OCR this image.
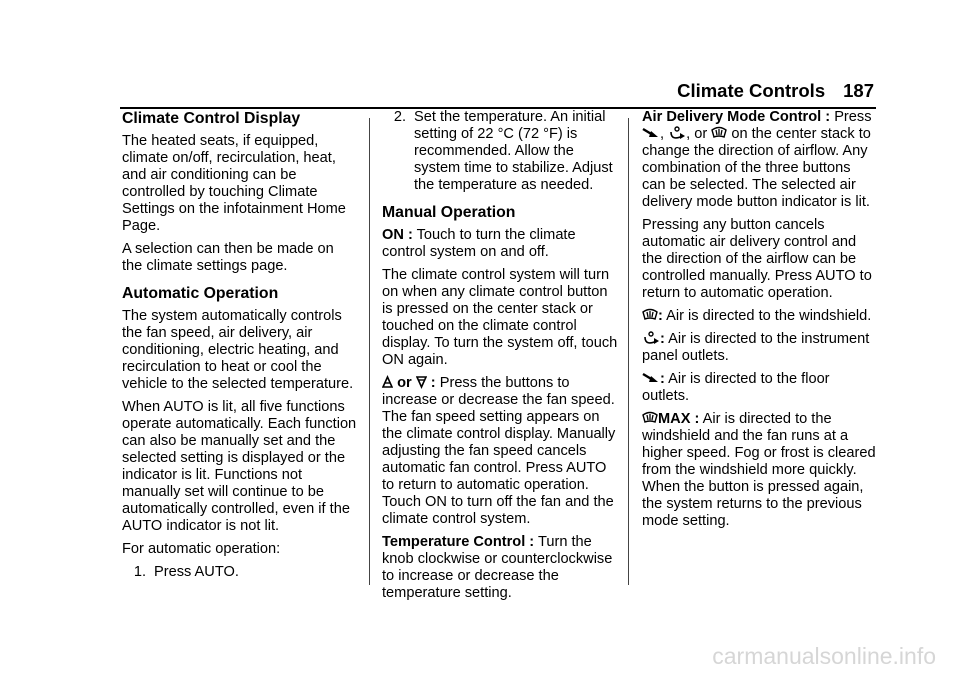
Climate Controls 187
Climate Control Display

The heated seats, if equipped, climate on/off, recirculation, heat, and air conditioning can be controlled by touching Climate Settings on the infotainment Home Page.

A selection can then be made on the climate settings page.

Automatic Operation

The system automatically controls the fan speed, air delivery, air conditioning, electric heating, and recirculation to heat or cool the vehicle to the selected temperature.

When AUTO is lit, all five functions operate automatically. Each function can also be manually set and the selected setting is displayed or the indicator is lit. Functions not manually set will continue to be automatically controlled, even if the AUTO indicator is not lit.

For automatic operation:

1. Press AUTO.
2. Set the temperature. An initial setting of 22 °C (72 °F) is recommended. Allow the system time to stabilize. Adjust the temperature as needed.
Manual Operation

ON : Touch to turn the climate control system on and off.

The climate control system will turn on when any climate control button is pressed on the center stack or touched on the climate control display. To turn the system off, touch ON again.

or : Press the buttons to increase or decrease the fan speed. The fan speed setting appears on the climate control display. Manually adjusting the fan speed cancels automatic fan control. Press AUTO to return to automatic operation. Touch ON to turn off the fan and the climate control system.

Temperature Control : Turn the knob clockwise or counterclockwise to increase or decrease the temperature setting.

Air Delivery Mode Control : Press
, , or on the center stack to change the direction of airflow. Any combination of the three buttons can be selected. The selected air delivery mode button indicator is lit.

Pressing any button cancels automatic air delivery control and the direction of the airflow can be controlled manually. Press AUTO to return to automatic operation.

: Air is directed to the windshield.

: Air is directed to the instrument panel outlets.

: Air is directed to the floor outlets.

MAX : Air is directed to the windshield and the fan runs at a higher speed. Fog or frost is cleared from the windshield more quickly. When the button is pressed again, the system returns to the previous mode setting.

carmanualsonline.info
